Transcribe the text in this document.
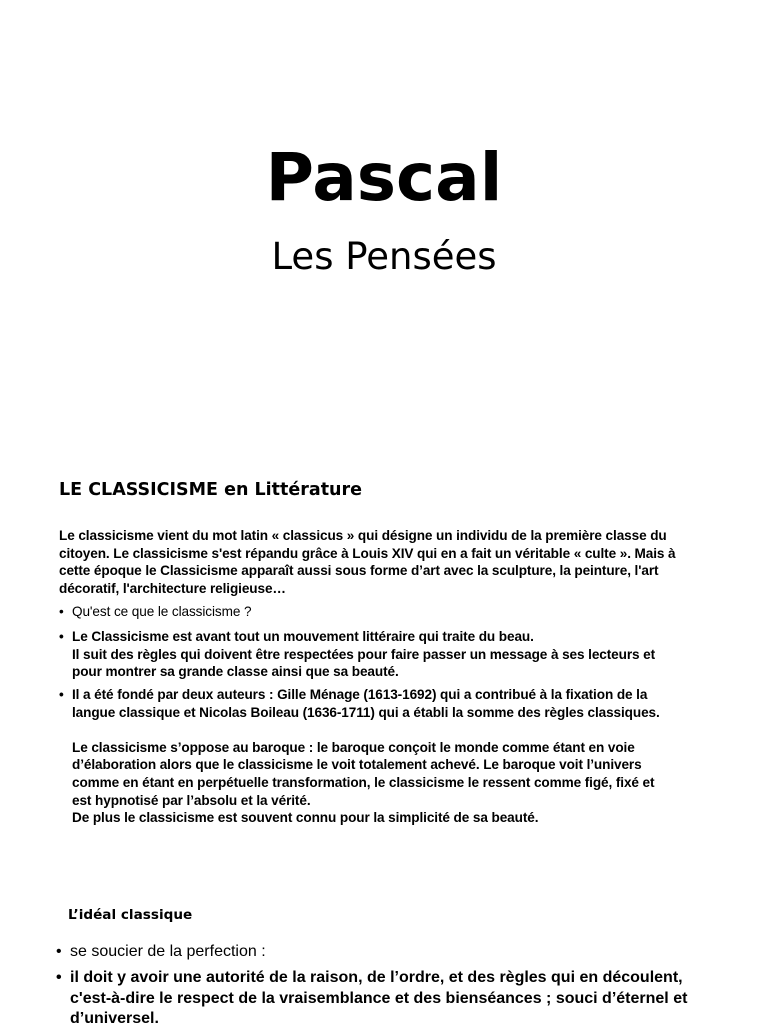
Pascal
Les Pensées
LE CLASSICISME en Littérature
Le classicisme vient du mot latin « classicus » qui désigne un individu de la première classe du
citoyen. Le classicisme s'est répandu grâce à Louis XIV qui en a fait un véritable « culte ». Mais à
cette époque le Classicisme apparaît aussi sous forme d’art avec la sculpture, la peinture, l'art
décoratif, l'architecture religieuse…
• Qu'est ce que le classicisme ?
• Le Classicisme est avant tout un mouvement littéraire qui traite du beau.
Il suit des règles qui doivent être respectées pour faire passer un message à ses lecteurs et
pour montrer sa grande classe ainsi que sa beauté.
• Il a été fondé par deux auteurs : Gille Ménage (1613-1692) qui a contribué à la fixation de la
langue classique et Nicolas Boileau (1636-1711) qui a établi la somme des règles classiques.
Le classicisme s’oppose au baroque : le baroque conçoit le monde comme étant en voie
d’élaboration alors que le classicisme le voit totalement achevé. Le baroque voit l’univers
comme en étant en perpétuelle transformation, le classicisme le ressent comme figé, fixé et
est hypnotisé par l’absolu et la vérité.
De plus le classicisme est souvent connu pour la simplicité de sa beauté.
L’idéal classique
• se soucier de la perfection :
• il doit y avoir une autorité de la raison, de l’ordre, et des règles qui en découlent,
c'est-à-dire le respect de la vraisemblance et des bienséances ; souci d’éternel et
d’universel.
